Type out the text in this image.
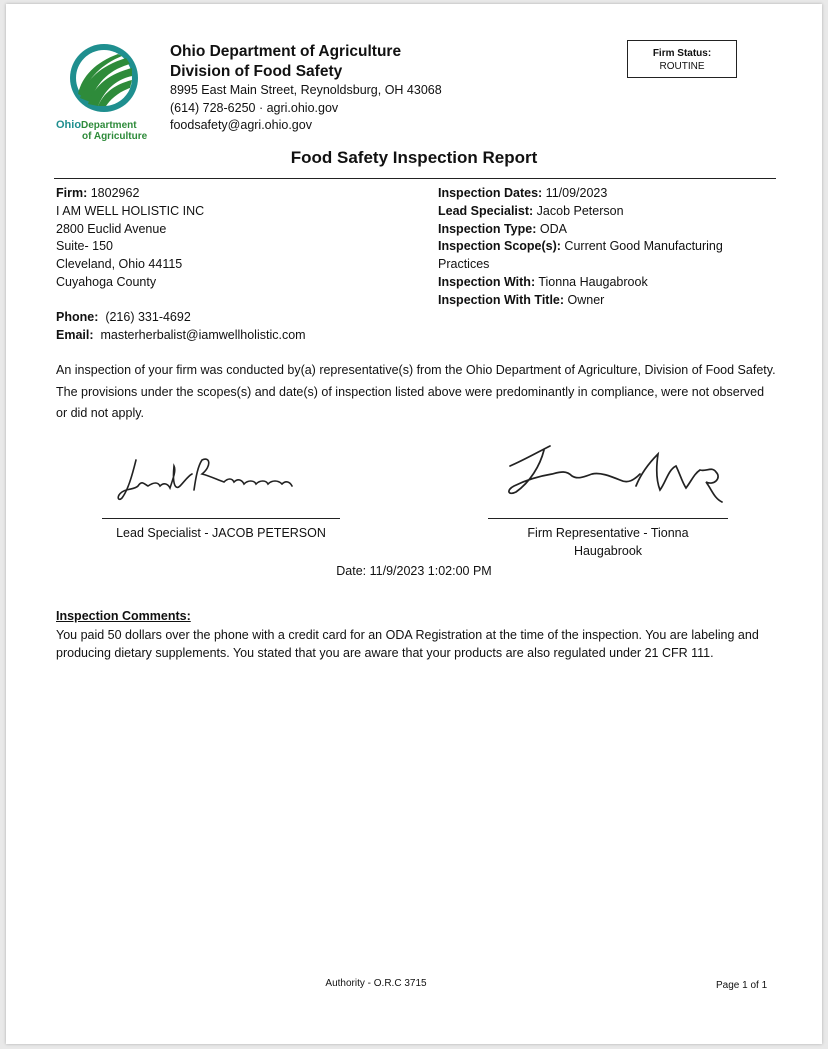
Ohio Department
of Agriculture
Ohio Department of Agriculture
Division of Food Safety
8995 East Main Street, Reynoldsburg, OH 43068
(614) 728-6250 · agri.ohio.gov
foodsafety@agri.ohio.gov
Firm Status:
ROUTINE
Food Safety Inspection Report
Firm: 1802962
I AM WELL HOLISTIC INC
2800 Euclid Avenue
Suite- 150
Cleveland, Ohio 44115
Cuyahoga County
Inspection Dates: 11/09/2023
Lead Specialist: Jacob Peterson
Inspection Type: ODA
Inspection Scope(s): Current Good Manufacturing
Practices
Inspection With: Tionna Haugabrook
Inspection With Title: Owner
Phone: (216) 331-4692
Email: masterherbalist@iamwellholistic.com
An inspection of your firm was conducted by(a) representative(s) from the Ohio Department of Agriculture, Division of Food Safety. The provisions under the scopes(s) and date(s) of inspection listed above were predominantly in compliance, were not observed or did not apply.
Lead Specialist - JACOB PETERSON	Firm Representative - Tionna
Haugabrook
Date: 11/9/2023 1:02:00 PM
Inspection Comments:
You paid 50 dollars over the phone with a credit card for an ODA Registration at the time of the inspection. You are labeling and producing dietary supplements. You stated that you are aware that your products are also regulated under 21 CFR 111.
Authority - O.R.C 3715	Page 1 of 1
